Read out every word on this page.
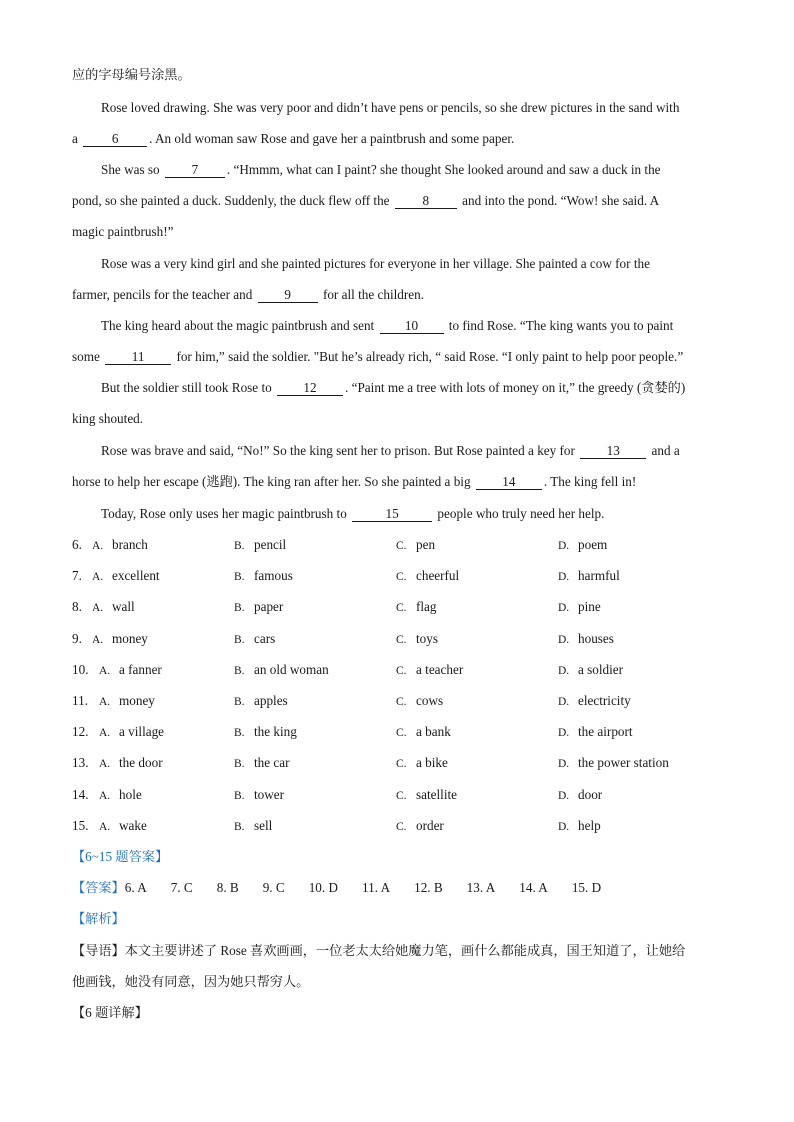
应的字母编号涂黑。
Rose loved drawing. She was very poor and didn’t have pens or pencils, so she drew pictures in the sand with
a	6 . An old woman saw Rose and gave her a paintbrush and some paper.
She was so 7 . “Hmmm, what can I paint? she thought She looked around and saw a duck in the
pond, so she painted a duck. Suddenly, the duck flew off the	8	and into the pond. “Wow! she said. A
magic paintbrush!”
Rose was a very kind girl and she painted pictures for everyone in her village. She painted a cow for the
farmer, pencils for the teacher and 9 for all the children.
The king heard about the magic paintbrush and sent 10 to find Rose. “The king wants you to paint
some 11 for him,” said the soldier. "But he’s already rich, “ said Rose. “I only paint to help poor people.”
But the soldier still took Rose to 12 . “Paint me a tree with lots of money on it,” the greedy (贪婪的)
king shouted.
Rose was brave and said, “No!” So the king sent her to prison. But Rose painted a key for 13 and a
horse to help her escape (逃跑). The king ran after her. So she painted a big 14 . The king fell in!
Today, Rose only uses her magic paintbrush to	15	people who truly need her help.
6. A. branch	B. pencil	C. pen	D. poem
7. A. excellent	B. famous	C. cheerful	D. harmful
8. A. wall	B. paper	C. flag	D. pine
9. A. money	B. cars	C. toys	D. houses
10. A. a fanner	B. an old woman	C. a teacher	D. a soldier
11. A. money	B. apples	C. cows	D. electricity
12. A. a village	B. the king	C. a bank	D. the airport
13. A. the door	B. the car	C. a bike	D. the power station
14. A. hole	B. tower	C. satellite	D. door
15. A. wake	B. sell	C. order	D. help
【6~15 题答案】
【答案】6. A 7. C 8. B 9. C 10. D 11. A 12. B 13. A 14. A 15. D
【解析】
【导语】本文主要讲述了 Rose 喜欢画画，一位老太太给她魔力笔，画什么都能成真，国王知道了，让她给
他画钱，她没有同意，因为她只帮穷人。
【6 题详解】
